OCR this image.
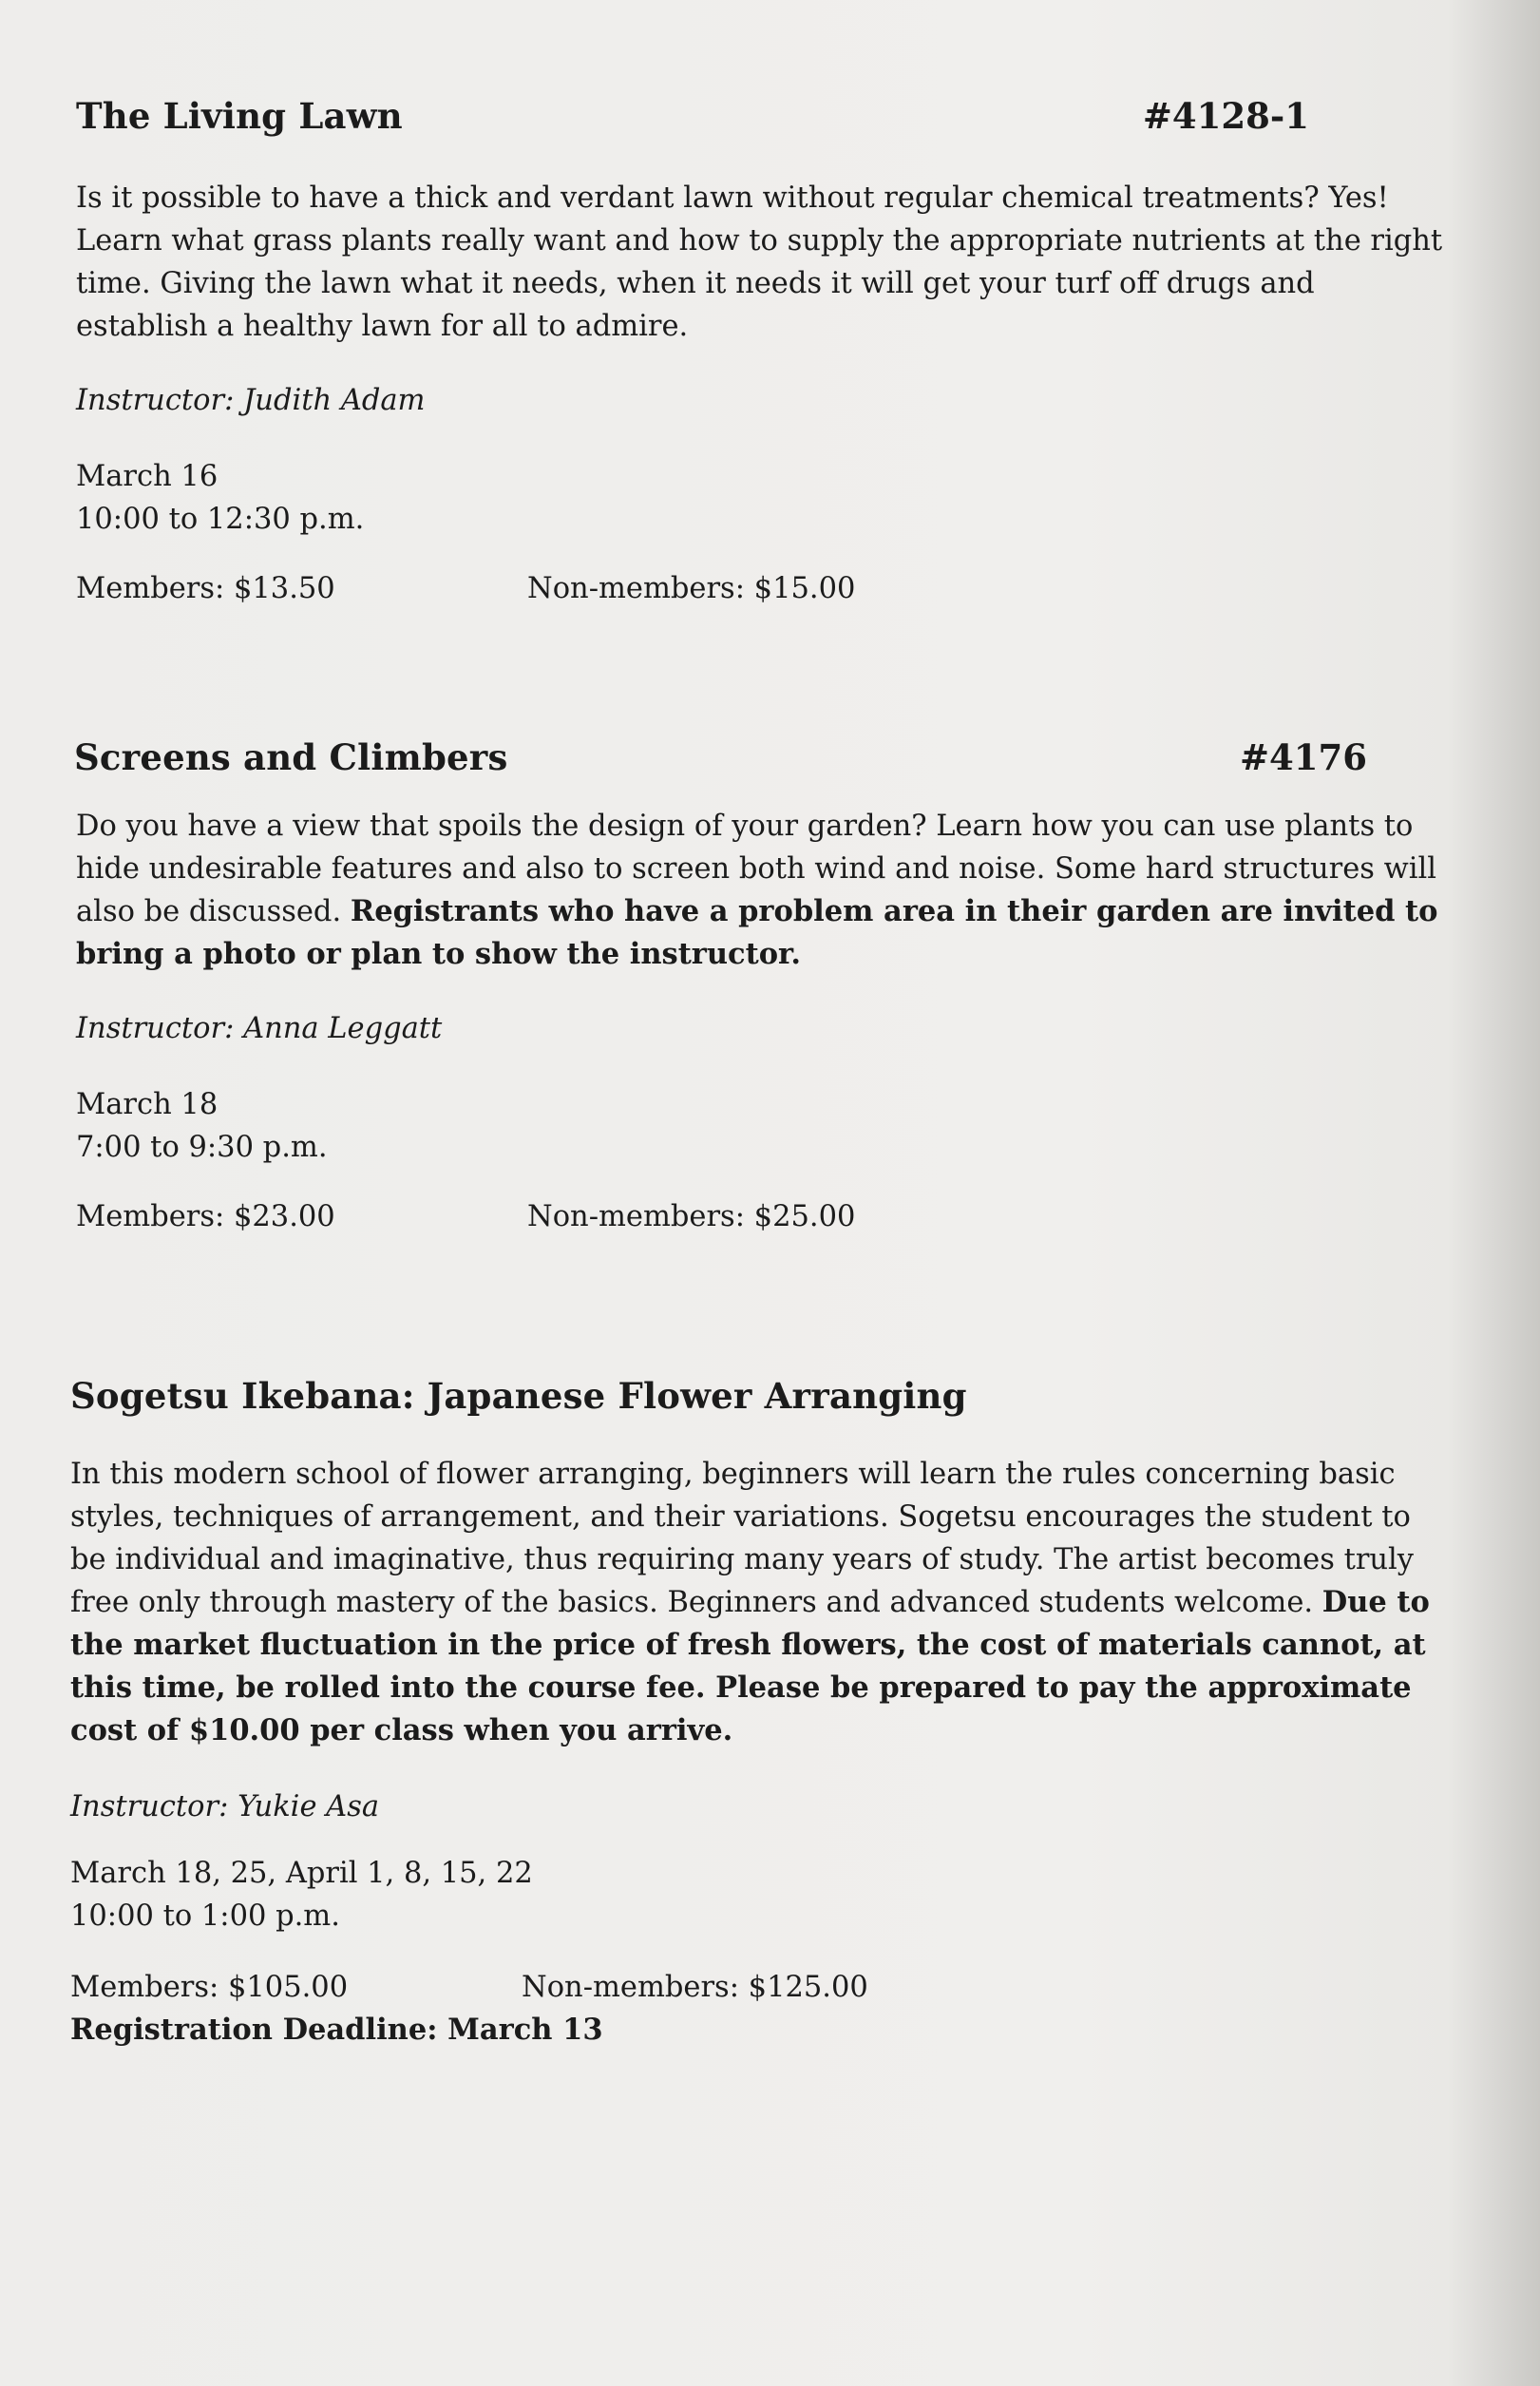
The Living Lawn	#4128-1
Is it possible to have a thick and verdant lawn without regular chemical treatments? Yes! Learn what grass plants really want and how to supply the appropriate nutrients at the right time. Giving the lawn what it needs, when it needs it will get your turf off drugs and establish a healthy lawn for all to admire.
Instructor: Judith Adam
March 16
10:00 to 12:30 p.m.
Members: $13.50	Non-members: $15.00
Screens and Climbers	#4176
Do you have a view that spoils the design of your garden? Learn how you can use plants to hide undesirable features and also to screen both wind and noise. Some hard structures will also be discussed. Registrants who have a problem area in their garden are invited to bring a photo or plan to show the instructor.
Instructor: Anna Leggatt
March 18
7:00 to 9:30 p.m.
Members: $23.00	Non-members: $25.00
Sogetsu Ikebana: Japanese Flower Arranging
In this modern school of flower arranging, beginners will learn the rules concerning basic styles, techniques of arrangement, and their variations. Sogetsu encourages the student to be individual and imaginative, thus requiring many years of study. The artist becomes truly free only through mastery of the basics. Beginners and advanced students welcome. Due to the market fluctuation in the price of fresh flowers, the cost of materials cannot, at this time, be rolled into the course fee. Please be prepared to pay the approximate cost of $10.00 per class when you arrive.
Instructor: Yukie Asa
March 18, 25, April 1, 8, 15, 22
10:00 to 1:00 p.m.
Members: $105.00	Non-members: $125.00
Registration Deadline: March 13
